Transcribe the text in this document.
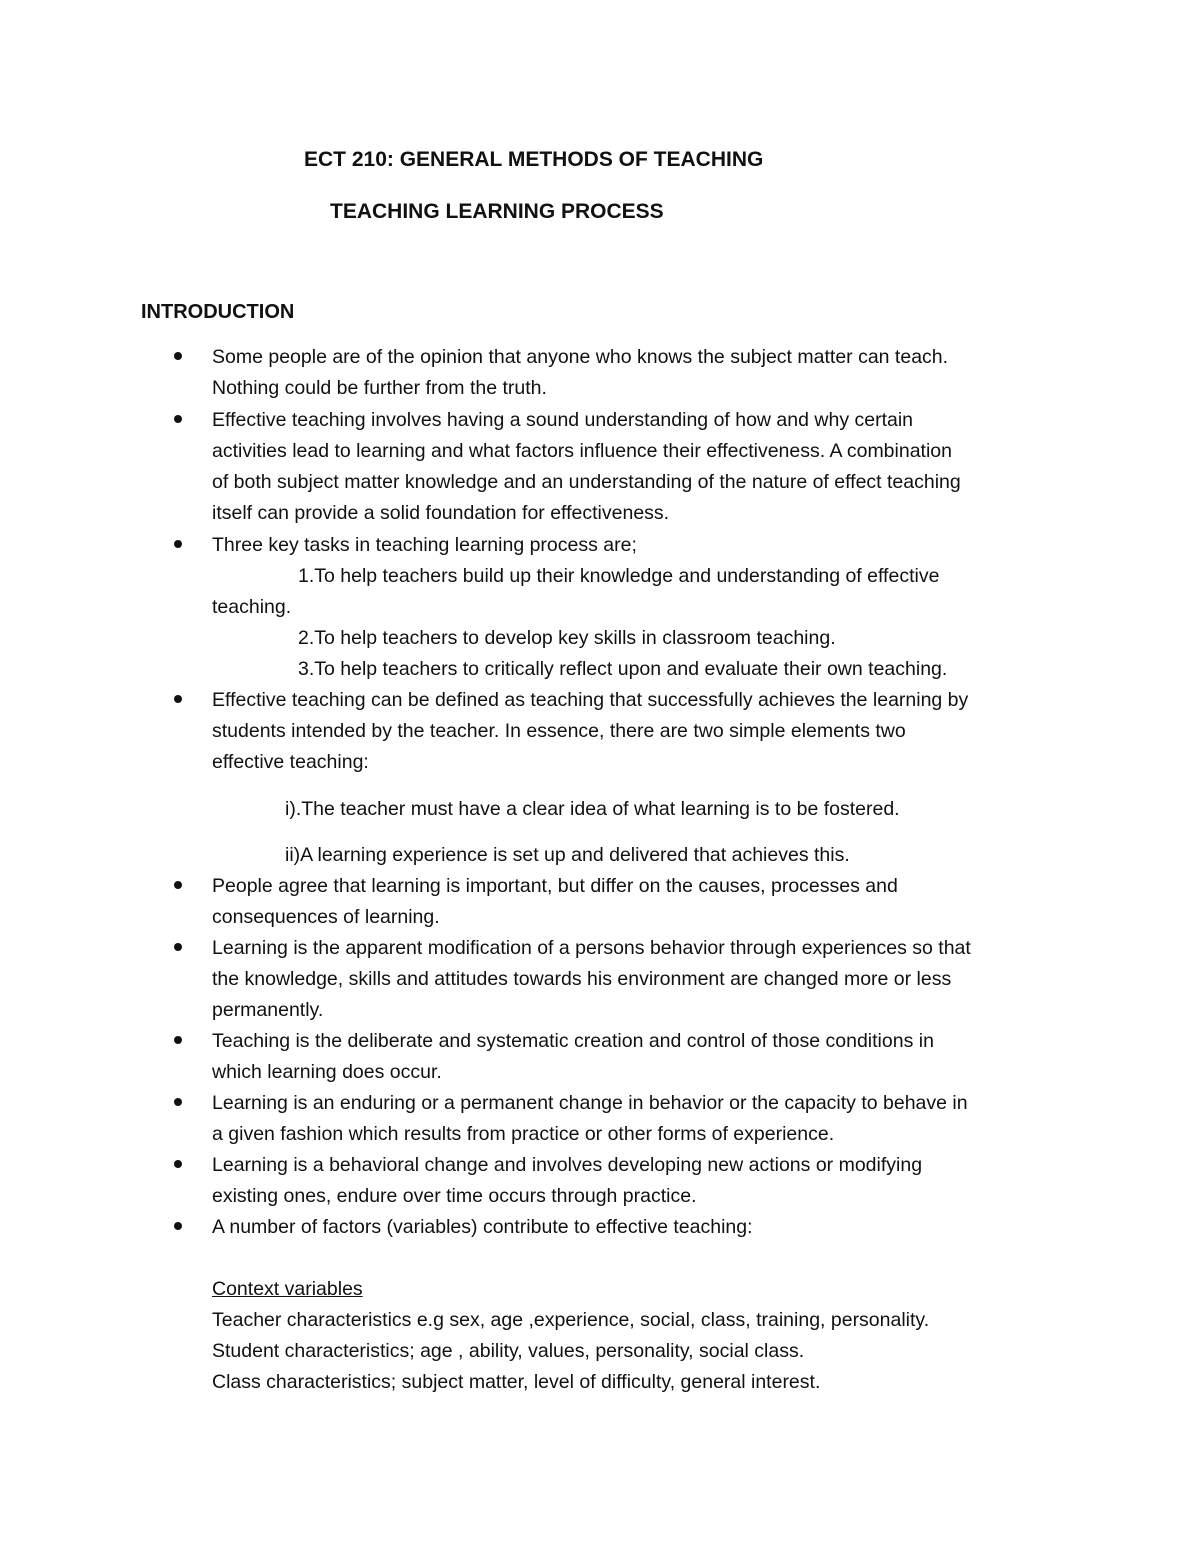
ECT 210: GENERAL METHODS OF TEACHING

TEACHING LEARNING PROCESS

INTRODUCTION

Some people are of the opinion that anyone who knows the subject matter can teach.

Nothing could be further from the truth.

Effective teaching involves having a sound understanding of how and why certain

activities lead to learning and what factors influence their effectiveness. A combination

of both subject matter knowledge and an understanding of the nature of effect teaching

itself can provide a solid foundation for effectiveness.

Three key tasks in teaching learning process are;

1.To help teachers build up their knowledge and understanding of effective

teaching.

2.To help teachers to develop key skills in classroom teaching.

3.To help teachers to critically reflect upon and evaluate their own teaching.

Effective teaching can be defined as teaching that successfully achieves the learning by

students intended by the teacher. In essence, there are two simple elements two

effective teaching:

i).The teacher must have a clear idea of what learning is to be fostered.

ii)A learning experience is set up and delivered that achieves this.

People agree that learning is important, but differ on the causes, processes and

consequences of learning.

Learning is the apparent modification of a persons behavior through experiences so that

the knowledge, skills and attitudes towards his environment are changed more or less

permanently.

Teaching is the deliberate and systematic creation and control of those conditions in

which learning does occur.

Learning is an enduring or a permanent change in behavior or the capacity to behave in

a given fashion which results from practice or other forms of experience.

Learning is a behavioral change and involves developing new actions or modifying

existing ones, endure over time occurs through practice.

A number of factors (variables) contribute to effective teaching:

Context variables

Teacher characteristics e.g sex, age ,experience, social, class, training, personality.

Student characteristics; age , ability, values, personality, social class.

Class characteristics; subject matter, level of difficulty, general interest.
